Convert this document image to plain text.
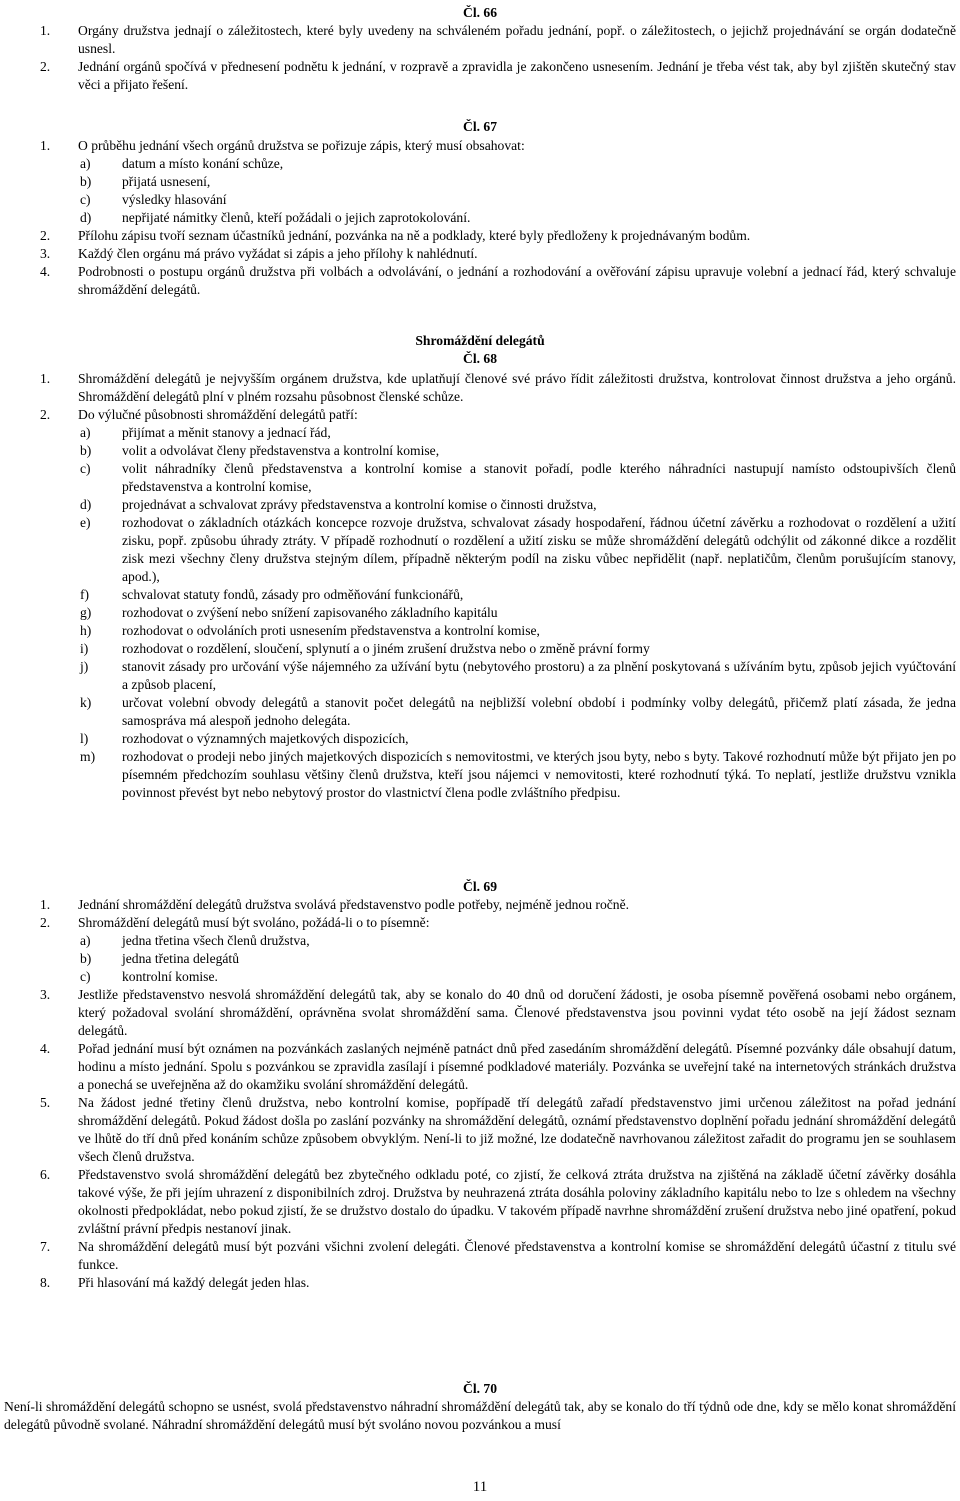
Čl. 66
1. Orgány družstva jednají o záležitostech, které byly uvedeny na schváleném pořadu jednání, popř. o záležitostech, o jejichž projednávání se orgán dodatečně usnesl.
2. Jednání orgánů spočívá v přednesení podnětu k jednání, v rozpravě a zpravidla je zakončeno usnesením. Jednání je třeba vést tak, aby byl zjištěn skutečný stav věci a přijato řešení.
Čl. 67
1. O průběhu jednání všech orgánů družstva se pořizuje zápis, který musí obsahovat:
a) datum a místo konání schůze,
b) přijatá usnesení,
c) výsledky hlasování
d) nepřijaté námitky členů, kteří požádali o jejich zaprotokolování.
2. Přílohu zápisu tvoří seznam účastníků jednání, pozvánka na ně a podklady, které byly předloženy k projednávaným bodům.
3. Každý člen orgánu má právo vyžádat si zápis a jeho přílohy k nahlédnutí.
4. Podrobnosti o postupu orgánů družstva při volbách a odvolávání, o jednání a rozhodování a ověřování zápisu upravuje volební a jednací řád, který schvaluje shromáždění delegátů.
Shromáždění delegátů
Čl. 68
1. Shromáždění delegátů je nejvyšším orgánem družstva, kde uplatňují členové své právo řídit záležitosti družstva, kontrolovat činnost družstva a jeho orgánů. Shromáždění delegátů plní v plném rozsahu působnost členské schůze.
2. Do výlučné působnosti shromáždění delegátů patří:
a) přijímat a měnit stanovy a jednací řád,
b) volit a odvolávat členy představenstva a kontrolní komise,
c) volit náhradníky členů představenstva a kontrolní komise a stanovit pořadí, podle kterého náhradníci nastupují namísto odstoupivších členů představenstva a kontrolní komise,
d) projednávat a schvalovat zprávy představenstva a kontrolní komise o činnosti družstva,
e) rozhodovat o základních otázkách koncepce rozvoje družstva, schvalovat zásady hospodaření, řádnou účetní závěrku a rozhodovat o rozdělení a užití zisku, popř. způsobu úhrady ztráty. V případě rozhodnutí o rozdělení a užití zisku se může shromáždění delegátů odchýlit od zákonné dikce a rozdělit zisk mezi všechny členy družstva stejným dílem, případně některým podíl na zisku vůbec nepřidělit (např. neplatičům, členům porušujícím stanovy, apod.),
f) schvalovat statuty fondů, zásady pro odměňování funkcionářů,
g) rozhodovat o zvýšení nebo snížení zapisovaného základního kapitálu
h) rozhodovat o odvoláních proti usnesením představenstva a kontrolní komise,
i) rozhodovat o rozdělení, sloučení, splynutí a o jiném zrušení družstva nebo o změně právní formy
j) stanovit zásady pro určování výše nájemného za užívání bytu (nebytového prostoru) a za plnění poskytovaná s užíváním bytu, způsob jejich vyúčtování a způsob placení,
k) určovat volební obvody delegátů a stanovit počet delegátů na nejbližší volební období i podmínky volby delegátů, přičemž platí zásada, že jedna samospráva má alespoň jednoho delegáta.
l) rozhodovat o významných majetkových dispozicích,
m) rozhodovat o prodeji nebo jiných majetkových dispozicích s nemovitostmi, ve kterých jsou byty, nebo s byty. Takové rozhodnutí může být přijato jen po písemném předchozím souhlasu většiny členů družstva, kteří jsou nájemci v nemovitosti, které rozhodnutí týká. To neplatí, jestliže družstvu vznikla povinnost převést byt nebo nebytový prostor do vlastnictví člena podle zvláštního předpisu.
Čl. 69
1. Jednání shromáždění delegátů družstva svolává představenstvo podle potřeby, nejméně jednou ročně.
2. Shromáždění delegátů musí být svoláno, požádá-li o to písemně:
a) jedna třetina všech členů družstva,
b) jedna třetina delegátů
c) kontrolní komise.
3. Jestliže představenstvo nesvolá shromáždění delegátů tak, aby se konalo do 40 dnů od doručení žádosti, je osoba písemně pověřená osobami nebo orgánem, který požadoval svolání shromáždění, oprávněna svolat shromáždění sama. Členové představenstva jsou povinni vydat této osobě na její žádost seznam delegátů.
4. Pořad jednání musí být oznámen na pozvánkách zaslaných nejméně patnáct dnů před zasedáním shromáždění delegátů. Písemné pozvánky dále obsahují datum, hodinu a místo jednání. Spolu s pozvánkou se zpravidla zasílají i písemné podkladové materiály. Pozvánka se uveřejní také na internetových stránkách družstva a ponechá se uveřejněna až do okamžiku svolání shromáždění delegátů.
5. Na žádost jedné třetiny členů družstva, nebo kontrolní komise, popřípadě tří delegátů zařadí představenstvo jimi určenou záležitost na pořad jednání shromáždění delegátů. Pokud žádost došla po zaslání pozvánky na shromáždění delegátů, oznámí představenstvo doplnění pořadu jednání shromáždění delegátů ve lhůtě do tří dnů před konáním schůze způsobem obvyklým. Není-li to již možné, lze dodatečně navrhovanou záležitost zařadit do programu jen se souhlasem všech členů družstva.
6. Představenstvo svolá shromáždění delegátů bez zbytečného odkladu poté, co zjistí, že celková ztráta družstva na zjištěná na základě účetní závěrky dosáhla takové výše, že při jejím uhrazení z disponibilních zdroj. Družstva by neuhrazená ztráta dosáhla poloviny základního kapitálu nebo to lze s ohledem na všechny okolnosti předpokládat, nebo pokud zjistí, že se družstvo dostalo do úpadku. V takovém případě navrhne shromáždění zrušení družstva nebo jiné opatření, pokud zvláštní právní předpis nestanoví jinak.
7. Na shromáždění delegátů musí být pozváni všichni zvolení delegáti. Členové představenstva a kontrolní komise se shromáždění delegátů účastní z titulu své funkce.
8. Při hlasování má každý delegát jeden hlas.
Čl. 70
Není-li shromáždění delegátů schopno se usnést, svolá představenstvo náhradní shromáždění delegátů tak, aby se konalo do tří týdnů ode dne, kdy se mělo konat shromáždění delegátů původně svolané. Náhradní shromáždění delegátů musí být svoláno novou pozvánkou a musí
11
